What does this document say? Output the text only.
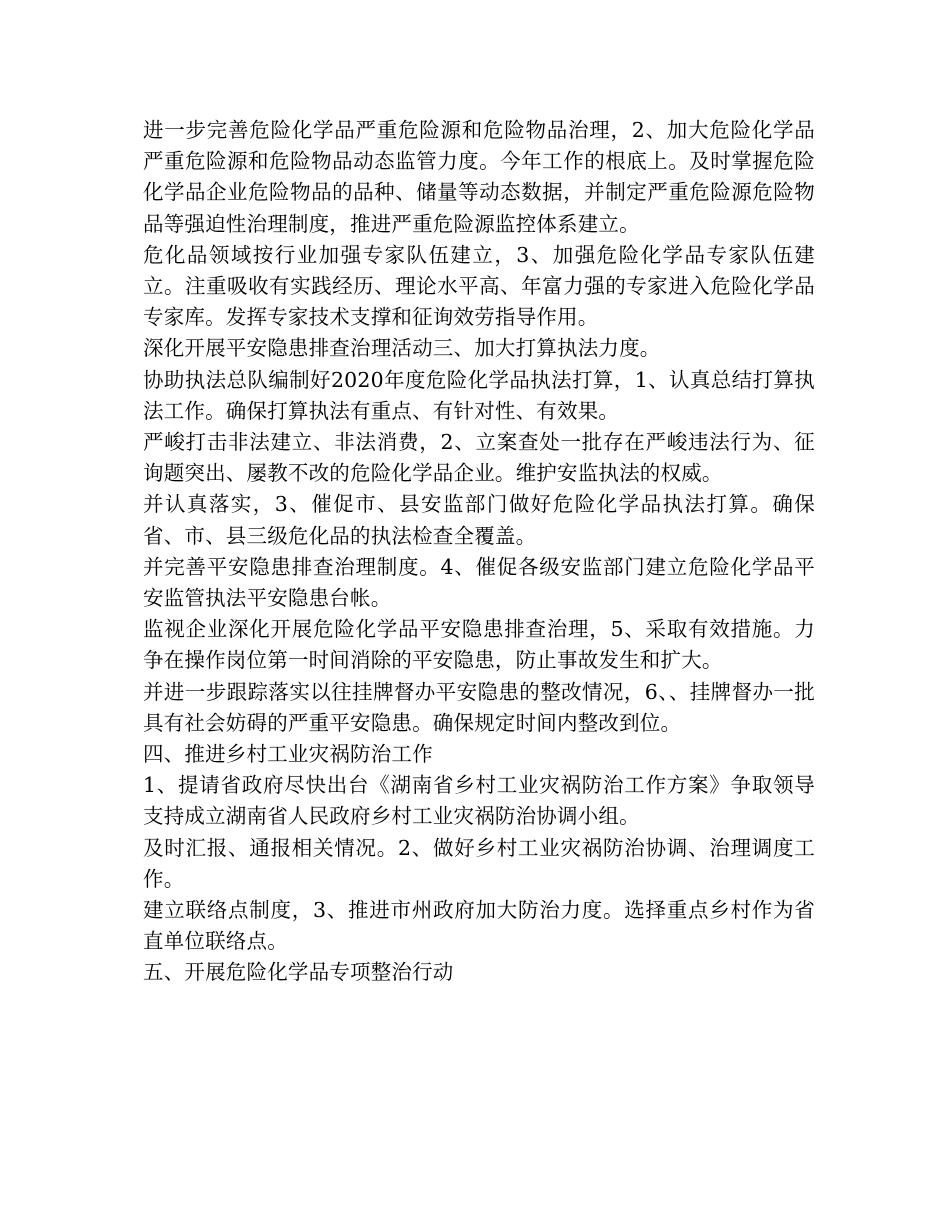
进一步完善危险化学品严重危险源和危险物品治理，2、加大危险化学品严重危险源和危险物品动态监管力度。今年工作的根底上。及时掌握危险化学品企业危险物品的品种、储量等动态数据，并制定严重危险源危险物品等强迫性治理制度，推进严重危险源监控体系建立。

危化品领域按行业加强专家队伍建立，3、加强危险化学品专家队伍建立。注重吸收有实践经历、理论水平高、年富力强的专家进入危险化学品专家库。发挥专家技术支撑和征询效劳指导作用。

深化开展平安隐患排查治理活动三、加大打算执法力度。

协助执法总队编制好2020年度危险化学品执法打算，1、认真总结打算执法工作。确保打算执法有重点、有针对性、有效果。

严峻打击非法建立、非法消费，2、立案查处一批存在严峻违法行为、征询题突出、屡教不改的危险化学品企业。维护安监执法的权威。

并认真落实，3、催促市、县安监部门做好危险化学品执法打算。确保省、市、县三级危化品的执法检查全覆盖。

并完善平安隐患排查治理制度。4、催促各级安监部门建立危险化学品平安监管执法平安隐患台帐。

监视企业深化开展危险化学品平安隐患排查治理，5、采取有效措施。力争在操作岗位第一时间消除的平安隐患，防止事故发生和扩大。

并进一步跟踪落实以往挂牌督办平安隐患的整改情况，6、、挂牌督办一批具有社会妨碍的严重平安隐患。确保规定时间内整改到位。

四、推进乡村工业灾祸防治工作

1、提请省政府尽快出台《湖南省乡村工业灾祸防治工作方案》争取领导支持成立湖南省人民政府乡村工业灾祸防治协调小组。

及时汇报、通报相关情况。2、做好乡村工业灾祸防治协调、治理调度工作。

建立联络点制度，3、推进市州政府加大防治力度。选择重点乡村作为省直单位联络点。

五、开展危险化学品专项整治行动
